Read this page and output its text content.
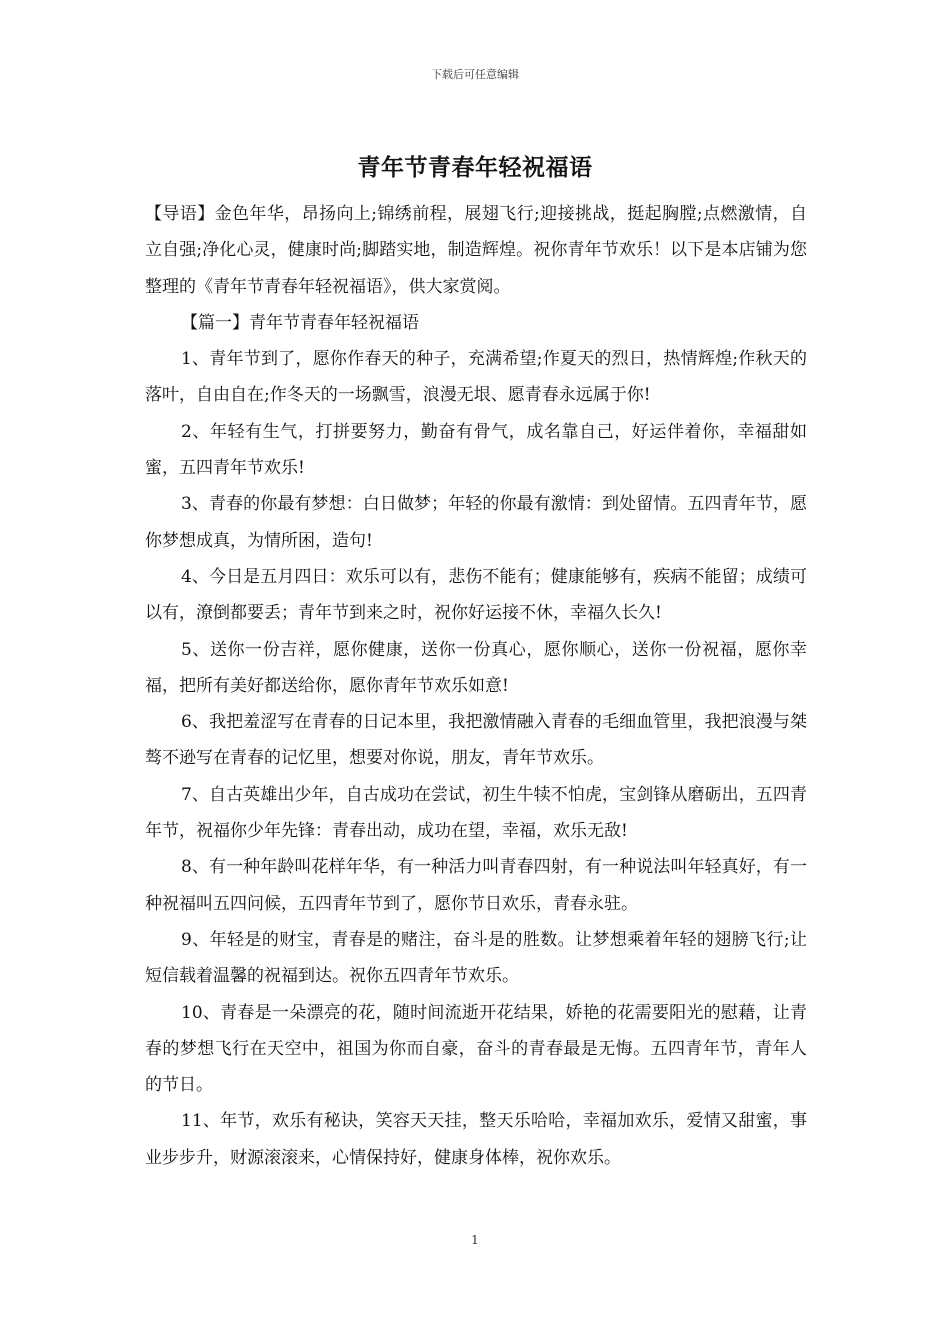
下载后可任意编辑
青年节青春年轻祝福语

【导语】金色年华，昂扬向上;锦绣前程，展翅飞行;迎接挑战，挺起胸膛;点燃激情，自立自强;净化心灵，健康时尚;脚踏实地，制造辉煌。祝你青年节欢乐！以下是本店铺为您整理的《青年节青春年轻祝福语》，供大家赏阅。

【篇一】青年节青春年轻祝福语

1、青年节到了，愿你作春天的种子，充满希望;作夏天的烈日，热情辉煌;作秋天的落叶，自由自在;作冬天的一场飘雪，浪漫无垠、愿青春永远属于你!

2、年轻有生气，打拼要努力，勤奋有骨气，成名靠自己，好运伴着你，幸福甜如蜜，五四青年节欢乐!

3、青春的你最有梦想：白日做梦；年轻的你最有激情：到处留情。五四青年节，愿你梦想成真，为情所困，造句!

4、今日是五月四日：欢乐可以有，悲伤不能有；健康能够有，疾病不能留；成绩可以有，潦倒都要丢；青年节到来之时，祝你好运接不休，幸福久长久!

5、送你一份吉祥，愿你健康，送你一份真心，愿你顺心，送你一份祝福，愿你幸福，把所有美好都送给你，愿你青年节欢乐如意!

6、我把羞涩写在青春的日记本里，我把激情融入青春的毛细血管里，我把浪漫与桀骜不逊写在青春的记忆里，想要对你说，朋友，青年节欢乐。

7、自古英雄出少年，自古成功在尝试，初生牛犊不怕虎，宝剑锋从磨砺出，五四青年节，祝福你少年先锋：青春出动，成功在望，幸福，欢乐无敌!

8、有一种年龄叫花样年华，有一种活力叫青春四射，有一种说法叫年轻真好，有一种祝福叫五四问候，五四青年节到了，愿你节日欢乐，青春永驻。

9、年轻是的财宝，青春是的赌注，奋斗是的胜数。让梦想乘着年轻的翅膀飞行;让短信载着温馨的祝福到达。祝你五四青年节欢乐。

10、青春是一朵漂亮的花，随时间流逝开花结果，娇艳的花需要阳光的慰藉，让青春的梦想飞行在天空中，祖国为你而自豪，奋斗的青春最是无悔。五四青年节，青年人的节日。

11、年节，欢乐有秘诀，笑容天天挂，整天乐哈哈，幸福加欢乐，爱情又甜蜜，事业步步升，财源滚滚来，心情保持好，健康身体棒，祝你欢乐。

1
